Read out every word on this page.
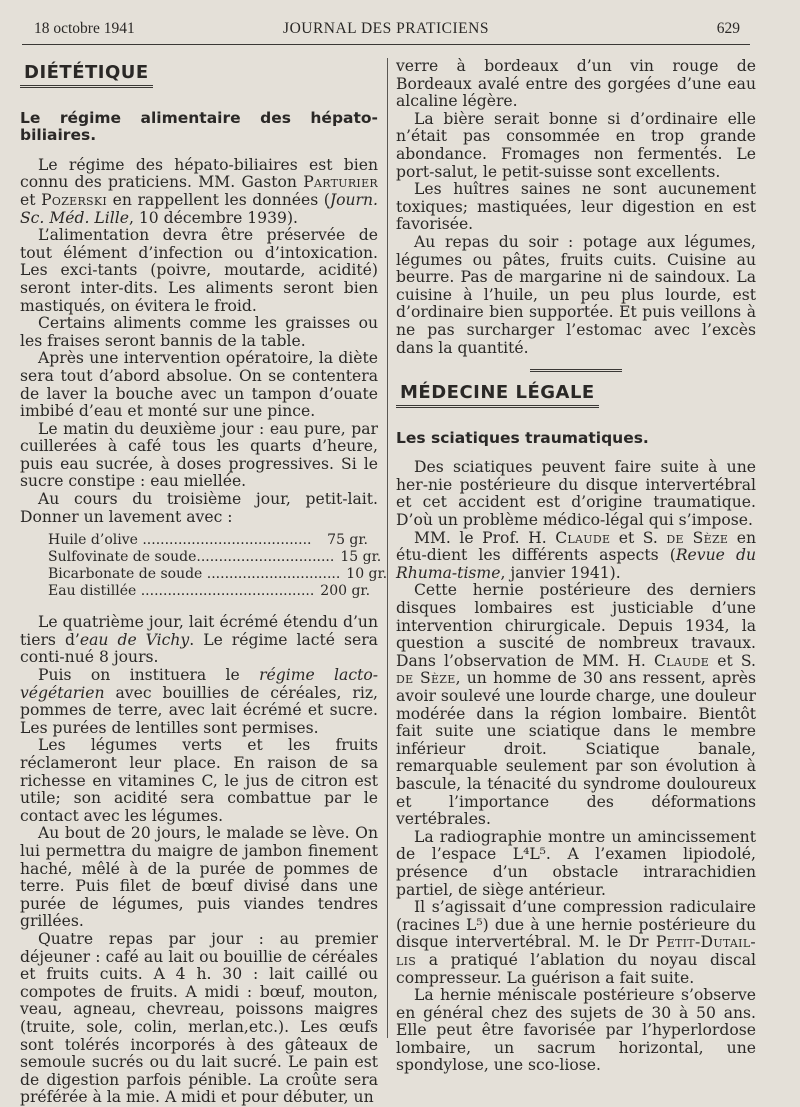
18 octobre 1941	JOURNAL DES PRATICIENS	629

DIÉTÉTIQUE

Le régime alimentaire des hépato-biliaires.

Le régime des hépato-biliaires est bien connu des praticiens. MM. Gaston Parturier et Pozerski en rappellent les données (Journ. Sc. Méd. Lille, 10 décembre 1939).

L’alimentation devra être préservée de tout élément d’infection ou d’intoxication. Les exci-tants (poivre, moutarde, acidité) seront inter-dits. Les aliments seront bien mastiqués, on évitera le froid.

Certains aliments comme les graisses ou les fraises seront bannis de la table.

Après une intervention opératoire, la diète sera tout d’abord absolue. On se contentera de laver la bouche avec un tampon d’ouate imbibé d’eau et monté sur une pince.

Le matin du deuxième jour : eau pure, par cuillerées à café tous les quarts d’heure, puis eau sucrée, à doses progressives. Si le sucre constipe : eau miellée.

Au cours du troisième jour, petit-lait. Donner un lavement avec :

Huile d’olive ......................................	75 gr.
Sulfovinate de soude............................... 15 gr.
Bicarbonate de soude .............................. 10 gr.
Eau distillée ....................................... 200 gr.

Le quatrième jour, lait écrémé étendu d’un tiers d’eau de Vichy. Le régime lacté sera conti-nué 8 jours.

Puis on instituera le régime lacto-végétarien avec bouillies de céréales, riz, pommes de terre, avec lait écrémé et sucre. Les purées de lentilles sont permises.

Les légumes verts et les fruits réclameront leur place. En raison de sa richesse en vitamines C, le jus de citron est utile; son acidité sera combattue par le contact avec les légumes.

Au bout de 20 jours, le malade se lève. On lui permettra du maigre de jambon finement haché, mêlé à de la purée de pommes de terre. Puis filet de bœuf divisé dans une purée de légumes, puis viandes tendres grillées.

Quatre repas par jour : au premier déjeuner : café au lait ou bouillie de céréales et fruits cuits. A 4 h. 30 : lait caillé ou compotes de fruits. A midi : bœuf, mouton, veau, agneau, chevreau, poissons maigres (truite, sole, colin, merlan,etc.). Les œufs sont tolérés incorporés à des gâteaux de semoule sucrés ou du lait sucré. Le pain est de digestion parfois pénible. La croûte sera préférée à la mie. A midi et pour débuter, un

verre à bordeaux d’un vin rouge de Bordeaux avalé entre des gorgées d’une eau alcaline légère.

La bière serait bonne si d’ordinaire elle n’était pas consommée en trop grande abondance. Fromages non fermentés. Le port-salut, le petit-suisse sont excellents.

Les huîtres saines ne sont aucunement toxiques; mastiquées, leur digestion en est favorisée.

Au repas du soir : potage aux légumes, légumes ou pâtes, fruits cuits. Cuisine au beurre. Pas de margarine ni de saindoux. La cuisine à l’huile, un peu plus lourde, est d’ordinaire bien supportée. Et puis veillons à ne pas surcharger l’estomac avec l’excès dans la quantité.

MÉDECINE LÉGALE

Les sciatiques traumatiques.

Des sciatiques peuvent faire suite à une her-nie postérieure du disque intervertébral et cet accident est d’origine traumatique. D’où un problème médico-légal qui s’impose.

MM. le Prof. H. Claude et S. de Sèze en étu-dient les différents aspects (Revue du Rhuma-tisme, janvier 1941).

Cette hernie postérieure des derniers disques lombaires est justiciable d’une intervention chirurgicale. Depuis 1934, la question a suscité de nombreux travaux. Dans l’observation de MM. H. Claude et S. de Sèze, un homme de 30 ans ressent, après avoir soulevé une lourde charge, une douleur modérée dans la région lombaire. Bientôt fait suite une sciatique dans le membre inférieur droit. Sciatique banale, remarquable seulement par son évolution à bascule, la ténacité du syndrome douloureux et l’importance des déformations vertébrales.

La radiographie montre un amincissement de l’espace L⁴L⁵. A l’examen lipiodolé, présence d’un obstacle intrarachidien partiel, de siège antérieur.

Il s’agissait d’une compression radiculaire (racines L⁵) due à une hernie postérieure du disque intervertébral. M. le Dr Petit-Dutail-lis a pratiqué l’ablation du noyau discal compresseur. La guérison a fait suite.

La hernie méniscale postérieure s’observe en général chez des sujets de 30 à 50 ans. Elle peut être favorisée par l’hyperlordose lombaire, un sacrum horizontal, une spondylose, une sco-liose.
